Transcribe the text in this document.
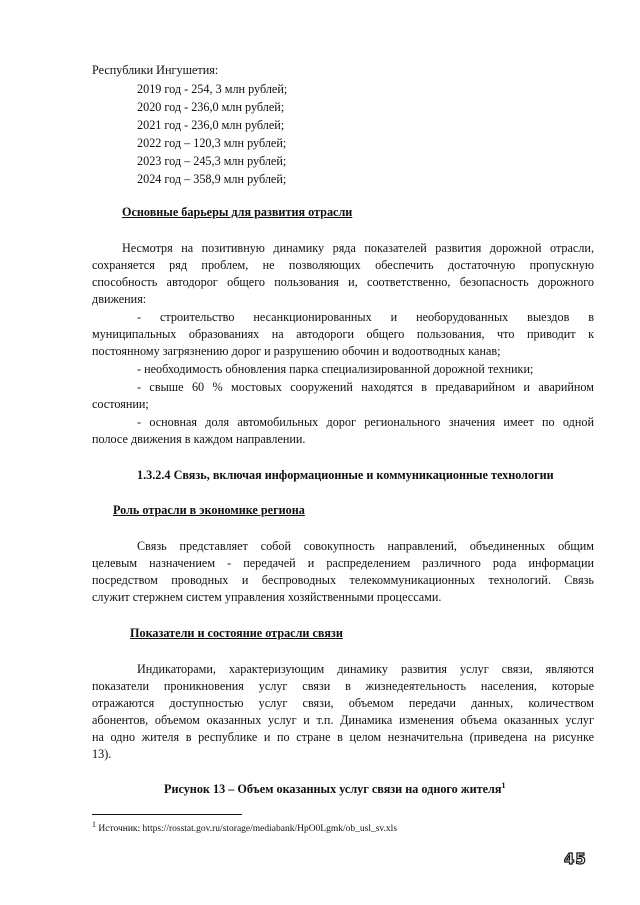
Республики Ингушетия:
2019 год - 254, 3 млн рублей;
2020 год - 236,0 млн рублей;
2021 год - 236,0 млн рублей;
2022 год – 120,3 млн рублей;
2023 год – 245,3 млн рублей;
2024 год – 358,9 млн рублей;
Основные барьеры для развития отрасли
Несмотря на позитивную динамику ряда показателей развития дорожной отрасли,
сохраняется ряд проблем, не позволяющих обеспечить достаточную пропускную
способность автодорог общего пользования и, соответственно, безопасность дорожного
движения:
- строительство несанкционированных и необорудованных выездов в
муниципальных образованиях на автодороги общего пользования, что приводит к
постоянному загрязнению дорог и разрушению обочин и водоотводных канав;
- необходимость обновления парка специализированной дорожной техники;
- свыше 60 % мостовых сооружений находятся в предаварийном и аварийном
состоянии;
- основная доля автомобильных дорог регионального значения имеет по одной
полосе движения в каждом направлении.
1.3.2.4 Связь, включая информационные и коммуникационные технологии
Роль отрасли в экономике региона
Связь представляет собой совокупность направлений, объединенных общим
целевым назначением - передачей и распределением различного рода информации
посредством проводных и беспроводных телекоммуникационных технологий. Связь
служит стержнем систем управления хозяйственными процессами.
Показатели и состояние отрасли связи
Индикаторами, характеризующим динамику развития услуг связи, являются
показатели проникновения услуг связи в жизнедеятельность населения, которые
отражаются доступностью услуг связи, объемом передачи данных, количеством
абонентов, объемом оказанных услуг и т.п. Динамика изменения объема оказанных услуг
на одно жителя в республике и по стране в целом незначительна (приведена на рисунке
13).
Рисунок 13 – Объем оказанных услуг связи на одного жителя$^1$
$^1$ Источник: https://rosstat.gov.ru/storage/mediabank/HpO0Lgmk/ob_usl_sv.xls
45
